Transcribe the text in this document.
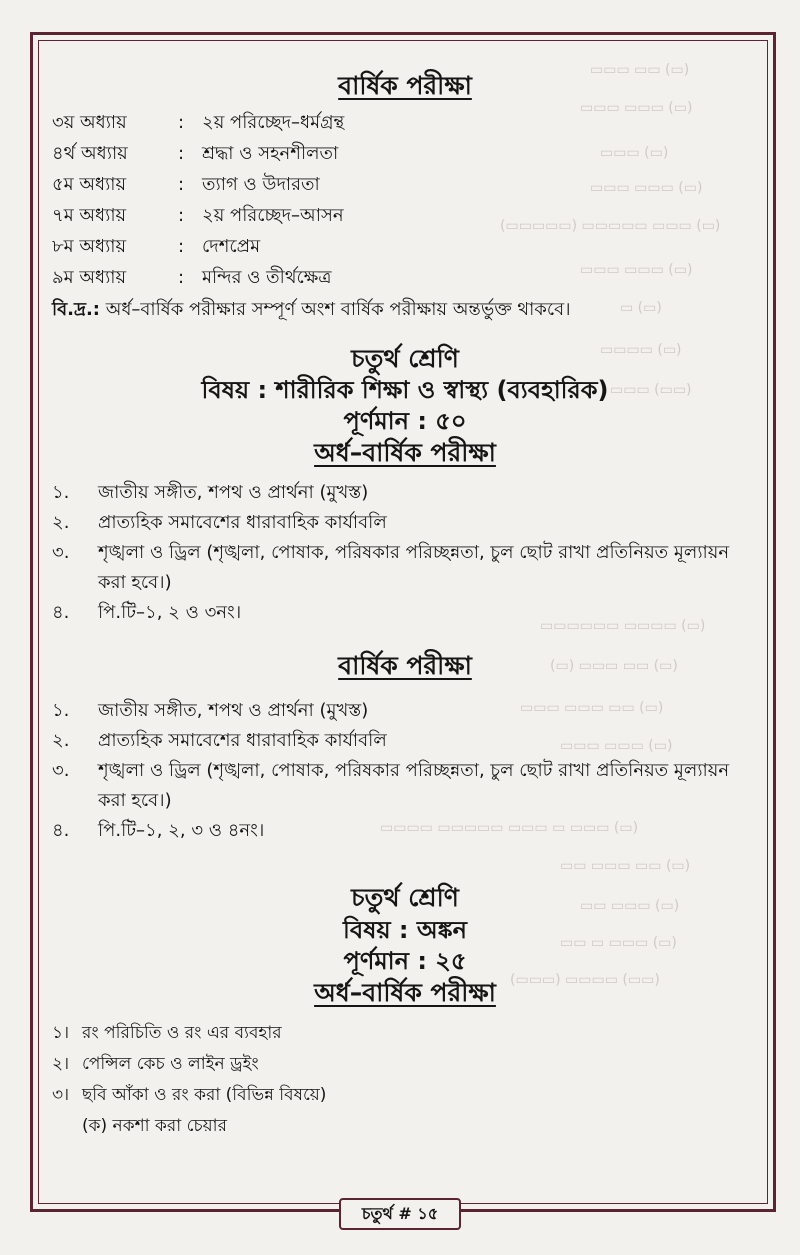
▭▭▭ ▭▭ (▭)
▭▭▭ ▭▭▭ (▭)
▭▭▭ (▭)
▭▭▭ ▭▭▭ (▭)
(▭▭▭▭▭) ▭▭▭▭▭ ▭▭▭ (▭)
▭▭▭ ▭▭▭ (▭)
▭ (▭)
▭▭▭▭ (▭)
▭▭▭ (▭▭)
▭▭▭▭▭▭ ▭▭▭▭ (▭)
(▭) ▭▭▭ ▭▭ (▭)
▭▭▭ ▭▭▭ ▭▭ (▭)
▭▭▭ ▭▭▭ (▭)
▭▭▭▭ ▭▭▭▭▭ ▭▭▭ ▭ ▭▭▭ (▭)
▭▭ ▭▭▭ ▭▭ (▭)
▭▭ ▭▭▭ (▭)
▭▭ ▭ ▭▭▭ (▭)
(▭▭▭) ▭▭▭▭ (▭▭)
বার্ষিক পরীক্ষা
৩য় অধ্যায়	: ২য় পরিচ্ছেদ–ধর্মগ্রন্থ
৪র্থ অধ্যায়	: শ্রদ্ধা ও সহনশীলতা
৫ম অধ্যায়	: ত্যাগ ও উদারতা
৭ম অধ্যায়	: ২য় পরিচ্ছেদ–আসন
৮ম অধ্যায়	: দেশপ্রেম
৯ম অধ্যায়	: মন্দির ও তীর্থক্ষেত্র
বি.দ্র.: অর্ধ–বার্ষিক পরীক্ষার সম্পূর্ণ অংশ বার্ষিক পরীক্ষায় অন্তর্ভুক্ত থাকবে।
চতুর্থ শ্রেণি
বিষয় : শারীরিক শিক্ষা ও স্বাস্থ্য (ব্যবহারিক)
পূর্ণমান : ৫০
অর্ধ–বার্ষিক পরীক্ষা
১.	জাতীয় সঙ্গীত, শপথ ও প্রার্থনা (মুখস্ত)
২.	প্রাত্যহিক সমাবেশের ধারাবাহিক কার্যাবলি
৩.	শৃঙ্খলা ও ড্রিল (শৃঙ্খলা, পোষাক, পরিষকার পরিচ্ছন্নতা, চুল ছোট রাখা প্রতিনিয়ত মূল্যায়ন করা হবে।)
৪.	পি.টি–১, ২ ও ৩নং।
বার্ষিক পরীক্ষা
১.	জাতীয় সঙ্গীত, শপথ ও প্রার্থনা (মুখস্ত)
২.	প্রাত্যহিক সমাবেশের ধারাবাহিক কার্যাবলি
৩.	শৃঙ্খলা ও ড্রিল (শৃঙ্খলা, পোষাক, পরিষকার পরিচ্ছন্নতা, চুল ছোট রাখা প্রতিনিয়ত মূল্যায়ন করা হবে।)
৪.	পি.টি–১, ২, ৩ ও ৪নং।
চতুর্থ শ্রেণি
বিষয় : অঙ্কন
পূর্ণমান : ২৫
অর্ধ–বার্ষিক পরীক্ষা
১। রং পরিচিতি ও রং এর ব্যবহার
২। পেন্সিল কেচ ও লাইন ড্রইং
৩। ছবি আঁকা ও রং করা (বিভিন্ন বিষয়ে)
(ক) নকশা করা চেয়ার
চতুর্থ # ১৫
